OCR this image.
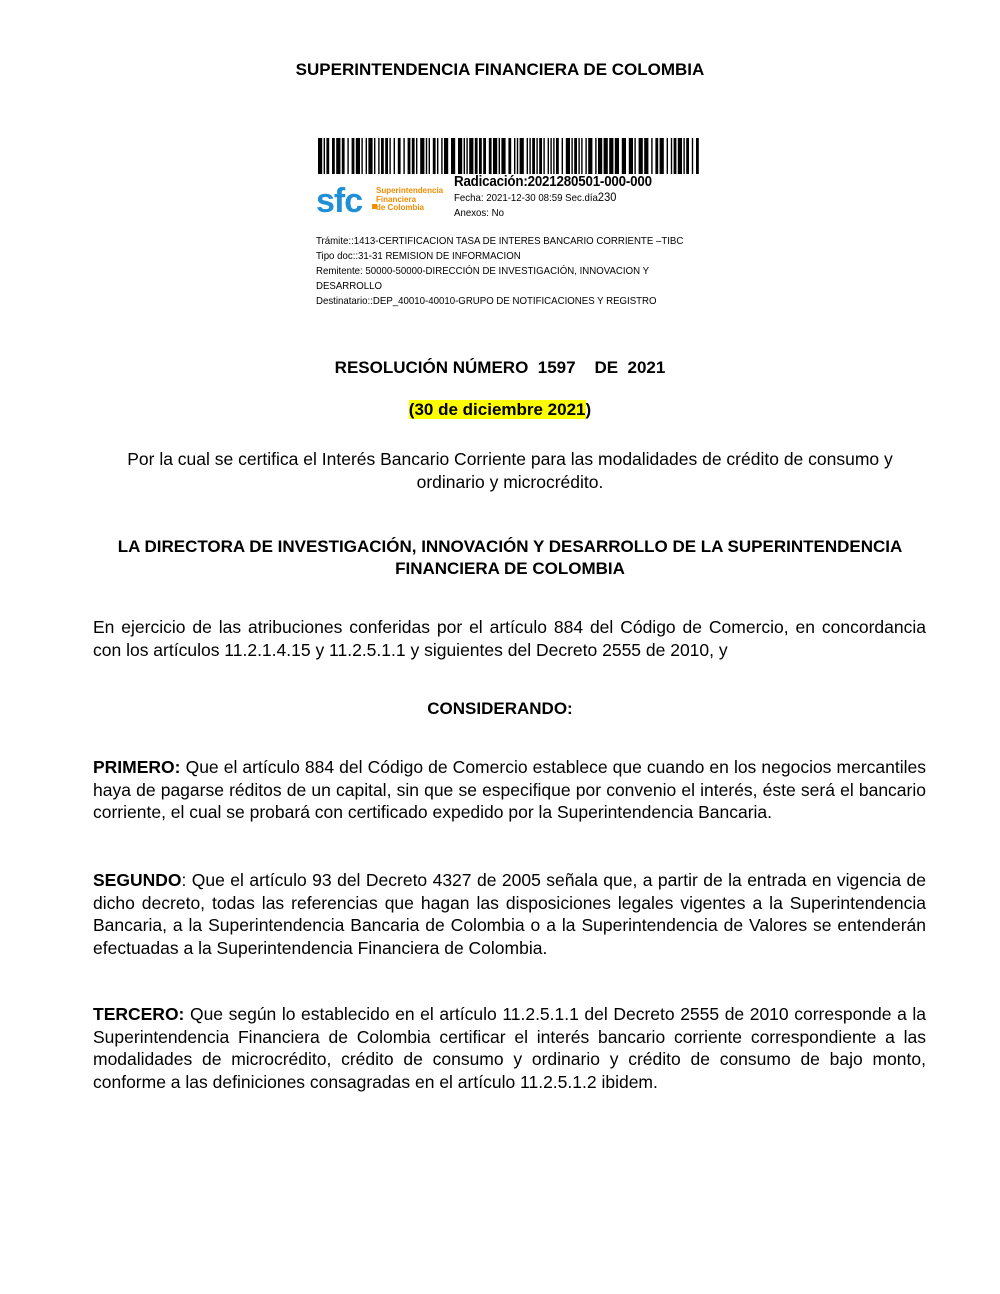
SUPERINTENDENCIA FINANCIERA DE COLOMBIA
sfc Superintendencia
Financiera
de Colombia
Radicación:2021280501-000-000
Fecha: 2021-12-30 08:59 Sec.día230
Anexos: No
Trámite::1413-CERTIFICACION TASA DE INTERES BANCARIO CORRIENTE –TIBC
Tipo doc::31-31 REMISION DE INFORMACION
Remitente: 50000-50000-DIRECCIÓN DE INVESTIGACIÓN, INNOVACION Y DESARROLLO
Destinatario::DEP_40010-40010-GRUPO DE NOTIFICACIONES Y REGISTRO
RESOLUCIÓN NÚMERO  1597    DE  2021
(30 de diciembre 2021)
Por la cual se certifica el Interés Bancario Corriente para las modalidades de crédito de consumo y ordinario y microcrédito.
LA DIRECTORA DE INVESTIGACIÓN, INNOVACIÓN Y DESARROLLO DE LA SUPERINTENDENCIA FINANCIERA DE COLOMBIA
En ejercicio de las atribuciones conferidas por el artículo 884 del Código de Comercio, en concordancia con los artículos 11.2.1.4.15 y 11.2.5.1.1 y siguientes del Decreto 2555 de 2010, y
CONSIDERANDO:
PRIMERO: Que el artículo 884 del Código de Comercio establece que cuando en los negocios mercantiles haya de pagarse réditos de un capital, sin que se especifique por convenio el interés, éste será el bancario corriente, el cual se probará con certificado expedido por la Superintendencia Bancaria.
SEGUNDO: Que el artículo 93 del Decreto 4327 de 2005 señala que, a partir de la entrada en vigencia de dicho decreto, todas las referencias que hagan las disposiciones legales vigentes a la Superintendencia Bancaria, a la Superintendencia Bancaria de Colombia o a la Superintendencia de Valores se entenderán efectuadas a la Superintendencia Financiera de Colombia.
TERCERO: Que según lo establecido en el artículo 11.2.5.1.1 del Decreto 2555 de 2010 corresponde a la Superintendencia Financiera de Colombia certificar el interés bancario corriente correspondiente a las modalidades de microcrédito, crédito de consumo y ordinario y crédito de consumo de bajo monto, conforme a las definiciones consagradas en el artículo 11.2.5.1.2 ibidem.
